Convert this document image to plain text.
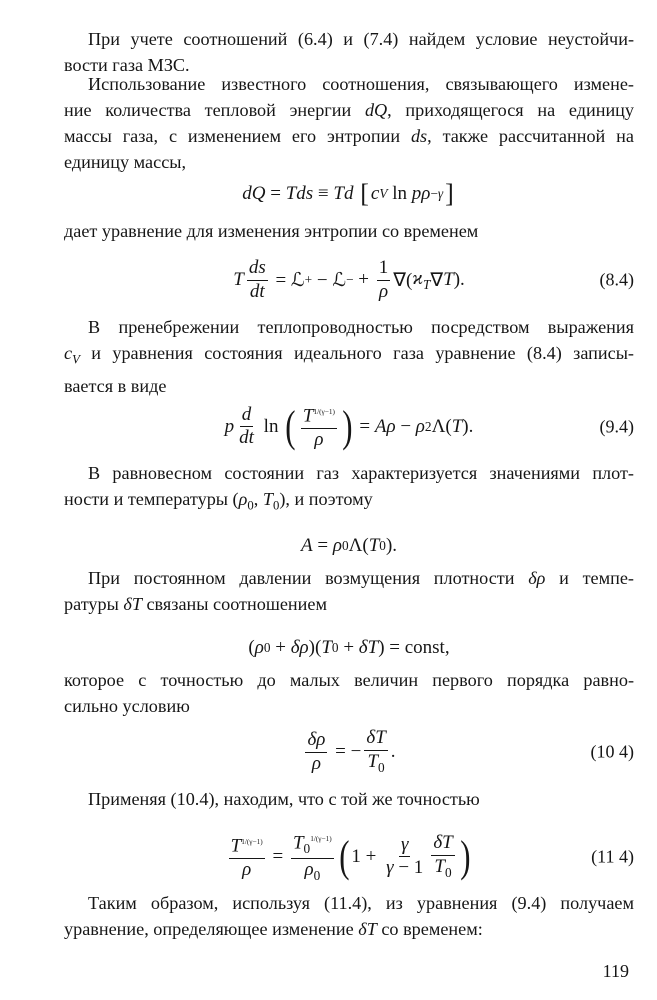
При учете соотношений (6.4) и (7.4) найдем условие неустойчи-
вости газа МЗС.
Использование известного соотношения, связывающего измене-
ние количества тепловой энергии dQ, приходящегося на единицу
массы газа, с изменением его энтропии ds, также рассчитанной на
единицу массы,
dQ = Tds ≡ Td
[ c V ln pρ −γ ]
дает уравнение для изменения энтропии со временем
T $\frac{ds}{dt}$ = ℒ + − ℒ − + $\frac{1}{\rho}$ ∇( $ϰ_T$ ∇ T ).	(8.4)
В пренебрежении теплопроводностью посредством выражения
$c_V$ и уравнения состояния идеального газа уравнение (8.4) записы-
вается в виде
p $\frac{d}{dt}$ ln ( $\frac{T^{1/(\gamma-1)}}{\rho}$ ) = Aρ − ρ 2 Λ( T ).	(9.4)
В равновесном состоянии газ характеризуется значениями плот-
ности и температуры ($\rho_0$, $T_0$), и поэтому
A = ρ 0 Λ( T 0 ).
При постоянном давлении возмущения плотности δρ и темпе-
ратуры δT связаны соотношением
( ρ 0 + δρ )( T 0 + δT ) = const,
которое с точностью до малых величин первого порядка равно-
сильно условию
$\frac{\delta\rho}{\rho}$ = − $\frac{\delta T}{T_0}$ .	(10 4)
Применяя (10.4), находим, что с той же точностью
$\frac{T^{1/(\gamma-1)}}{\rho} = \frac{T_0^{1/(\gamma-1)}}{\rho_0}$ ( $1 + \frac{\gamma}{\gamma - 1} \frac{\delta T}{T_0}$ )	(11 4)
Таким образом, используя (11.4), из уравнения (9.4) получаем
уравнение, определяющее изменение δT со временем:
119
